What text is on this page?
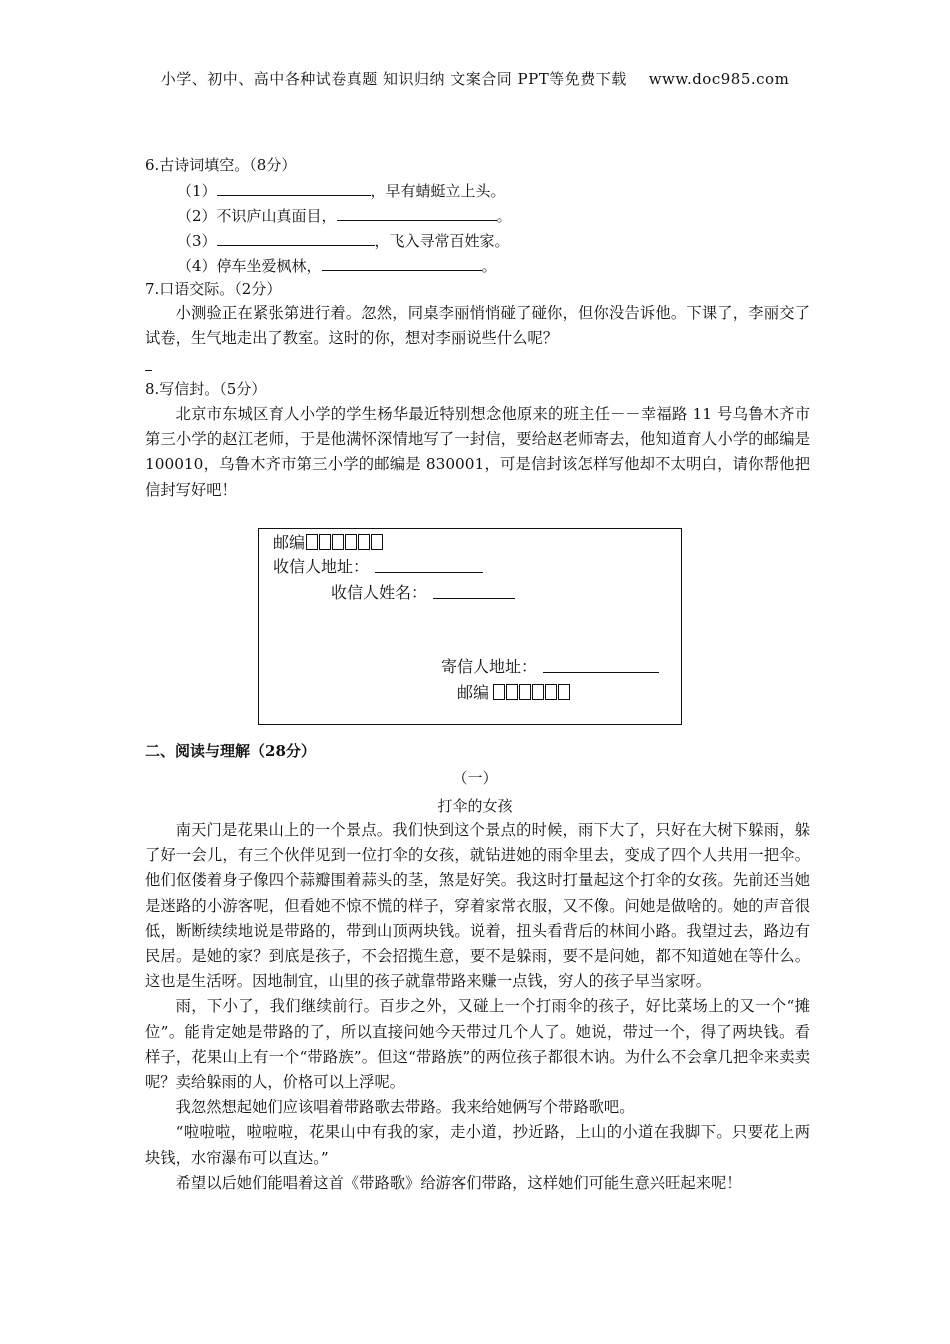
小学、初中、高中各种试卷真题 知识归纳 文案合同 PPT等免费下载 www.doc985.com
6.古诗词填空。（8分）
（1）	，早有蜻蜓立上头。
（2）不识庐山真面目，	。
（3）	，飞入寻常百姓家。
（4）停车坐爱枫林，	。
7.口语交际。（2分）

小测验正在紧张第进行着。忽然，同桌李丽悄悄碰了碰你，但你没告诉他。下课了，李丽交了试卷，生气地走出了教室。这时的你，想对李丽说些什么呢？

8.写信封。（5分）

北京市东城区育人小学的学生杨华最近特别想念他原来的班主任－－幸福路 11 号乌鲁木齐市第三小学的赵江老师，于是他满怀深情地写了一封信，要给赵老师寄去，他知道育人小学的邮编是 100010，乌鲁木齐市第三小学的邮编是 830001，可是信封该怎样写他却不太明白，请你帮他把信封写好吧！

邮编
收信人地址：
收信人姓名：
寄信人地址：
邮编
二、阅读与理解（28分）
（一）
打伞的女孩

南天门是花果山上的一个景点。我们快到这个景点的时候，雨下大了，只好在大树下躲雨，躲了好一会儿，有三个伙伴见到一位打伞的女孩，就钻进她的雨伞里去，变成了四个人共用一把伞。他们伛偻着身子像四个蒜瓣围着蒜头的茎，煞是好笑。我这时打量起这个打伞的女孩。先前还当她是迷路的小游客呢，但看她不惊不慌的样子，穿着家常衣服，又不像。问她是做啥的。她的声音很低，断断续续地说是带路的，带到山顶两块钱。说着，扭头看背后的林间小路。我望过去，路边有民居。是她的家？到底是孩子，不会招揽生意，要不是躲雨，要不是问她，都不知道她在等什么。这也是生活呀。因地制宜，山里的孩子就靠带路来赚一点钱，穷人的孩子早当家呀。

雨，下小了，我们继续前行。百步之外，又碰上一个打雨伞的孩子，好比菜场上的又一个“摊位”。能肯定她是带路的了，所以直接问她今天带过几个人了。她说，带过一个，得了两块钱。看样子，花果山上有一个“带路族”。但这“带路族”的两位孩子都很木讷。为什么不会拿几把伞来卖卖呢？卖给躲雨的人，价格可以上浮呢。

我忽然想起她们应该唱着带路歌去带路。我来给她俩写个带路歌吧。

“啦啦啦，啦啦啦，花果山中有我的家，走小道，抄近路，上山的小道在我脚下。只要花上两块钱，水帘瀑布可以直达。”

希望以后她们能唱着这首《带路歌》给游客们带路，这样她们可能生意兴旺起来呢！
